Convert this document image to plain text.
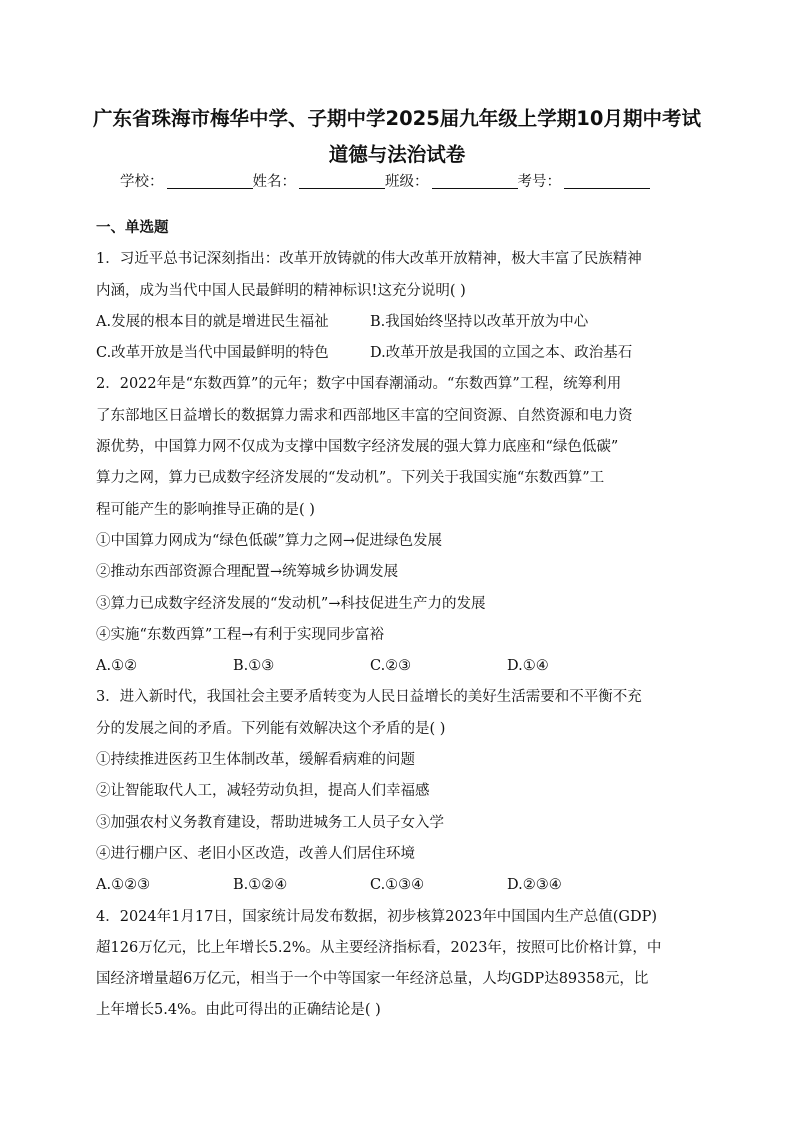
广东省珠海市梅华中学、子期中学2025届九年级上学期10月期中考试
道德与法治试卷
学校：	姓名：	班级：	考号：
一、单选题
1．习近平总书记深刻指出：改革开放铸就的伟大改革开放精神，极大丰富了民族精神
内涵，成为当代中国人民最鲜明的精神标识!这充分说明( )
A.发展的根本目的就是增进民生福祉	B.我国始终坚持以改革开放为中心
C.改革开放是当代中国最鲜明的特色	D.改革开放是我国的立国之本、政治基石
2．2022年是“东数西算”的元年；数字中国春潮涌动。“东数西算”工程，统筹利用
了东部地区日益增长的数据算力需求和西部地区丰富的空间资源、自然资源和电力资
源优势，中国算力网不仅成为支撑中国数字经济发展的强大算力底座和“绿色低碳”
算力之网，算力已成数字经济发展的“发动机”。下列关于我国实施“东数西算”工
程可能产生的影响推导正确的是( )
①中国算力网成为“绿色低碳”算力之网→促进绿色发展
②推动东西部资源合理配置→统筹城乡协调发展
③算力已成数字经济发展的“发动机”→科技促进生产力的发展
④实施“东数西算”工程→有利于实现同步富裕
A.①②	B.①③	C.②③	D.①④
3．进入新时代，我国社会主要矛盾转变为人民日益增长的美好生活需要和不平衡不充
分的发展之间的矛盾。下列能有效解决这个矛盾的是( )
①持续推进医药卫生体制改革，缓解看病难的问题
②让智能取代人工，减轻劳动负担，提高人们幸福感
③加强农村义务教育建设，帮助进城务工人员子女入学
④进行棚户区、老旧小区改造，改善人们居住环境
A.①②③	B.①②④	C.①③④	D.②③④
4．2024年1月17日，国家统计局发布数据，初步核算2023年中国国内生产总值(GDP)
超126万亿元，比上年增长5.2%。从主要经济指标看，2023年，按照可比价格计算，中
国经济增量超6万亿元，相当于一个中等国家一年经济总量，人均GDP达89358元，比
上年增长5.4%。由此可得出的正确结论是( )
